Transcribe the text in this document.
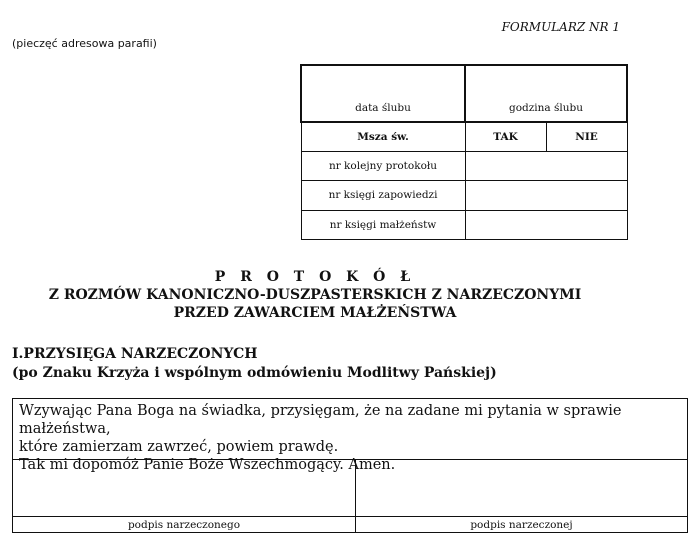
FORMULARZ NR 1
(pieczęć adresowa parafii)

data ślubu	godzina ślubu	
Msza św.	TAK	NIE
nr kolejny protokołu		
nr księgi zapowiedzi		
nr księgi małżeństw		
P R O T O K Ó Ł
Z ROZMÓW KANONICZNO-DUSZPASTERSKICH Z NARZECZONYMI
PRZED ZAWARCIEM MAŁŻEŃSTWA
I.PRZYSIĘGA NARZECZONYCH
(po Znaku Krzyża i wspólnym odmówieniu Modlitwy Pańskiej)
Wzywając Pana Boga na świadka, przysięgam, że na zadane mi pytania w sprawie małżeństwa,
które zamierzam zawrzeć, powiem prawdę.
Tak mi dopomóż Panie Boże Wszechmogący. Amen.
podpis narzeczonego	podpis narzeczonej
